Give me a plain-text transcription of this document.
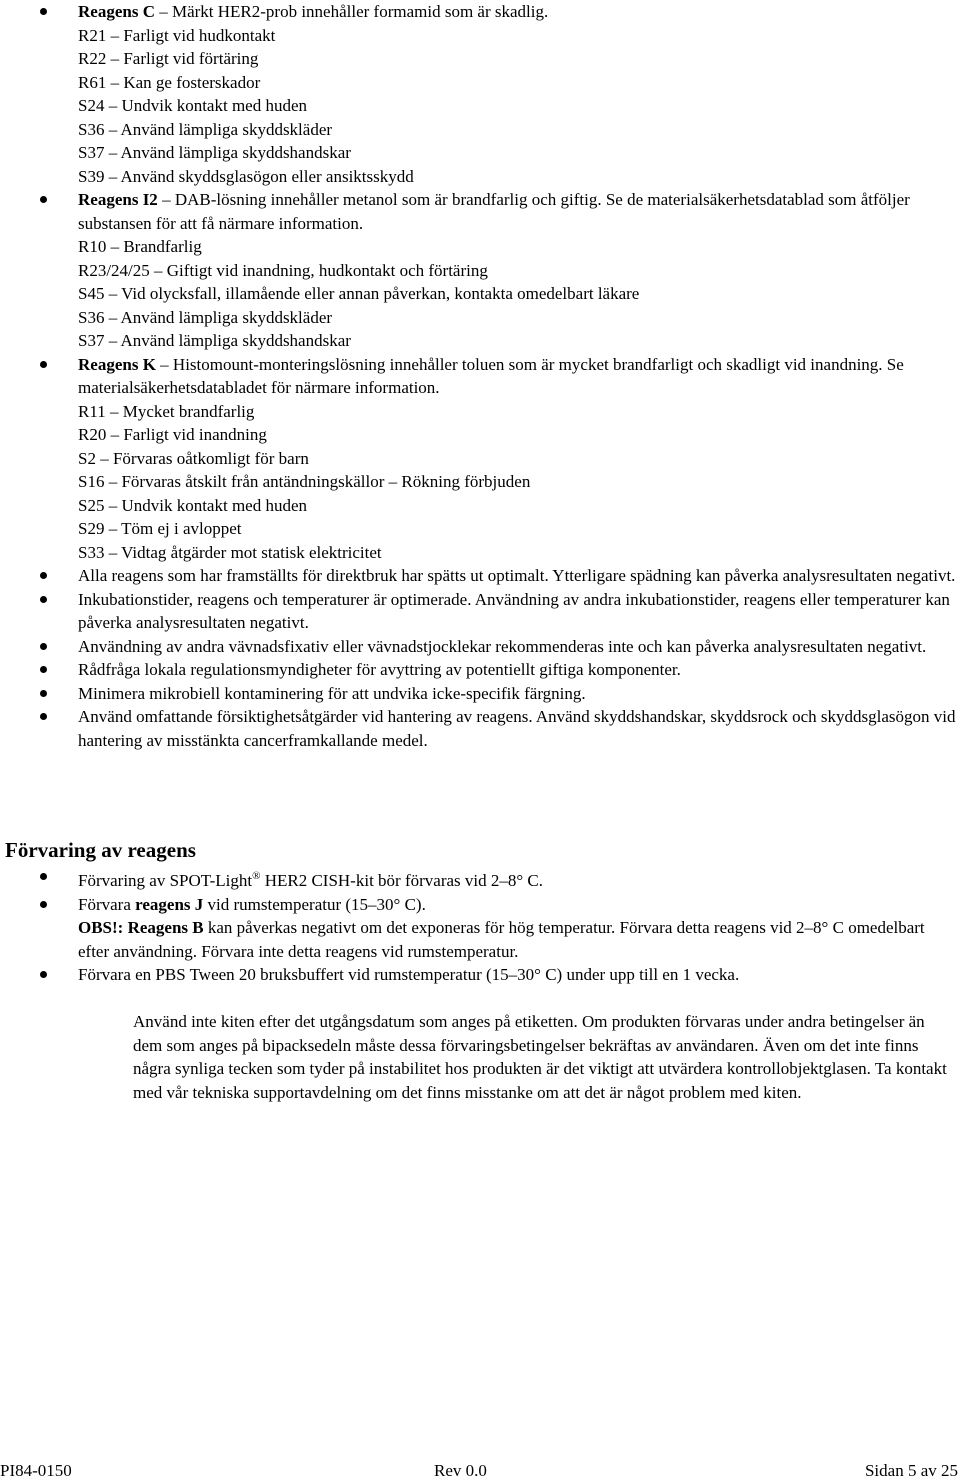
Reagens C – Märkt HER2-prob innehåller formamid som är skadlig.
R21 – Farligt vid hudkontakt
R22 – Farligt vid förtäring
R61 – Kan ge fosterskador
S24 – Undvik kontakt med huden
S36 – Använd lämpliga skyddskläder
S37 – Använd lämpliga skyddshandskar
S39 – Använd skyddsglasögon eller ansiktsskydd
Reagens I2 – DAB-lösning innehåller metanol som är brandfarlig och giftig. Se de materialsäkerhetsdatablad som åtföljer substansen för att få närmare information.
R10 – Brandfarlig
R23/24/25 – Giftigt vid inandning, hudkontakt och förtäring
S45 – Vid olycksfall, illamående eller annan påverkan, kontakta omedelbart läkare
S36 – Använd lämpliga skyddskläder
S37 – Använd lämpliga skyddshandskar
Reagens K – Histomount-monteringslösning innehåller toluen som är mycket brandfarligt och skadligt vid inandning. Se materialsäkerhetsdatabladet för närmare information.
R11 – Mycket brandfarlig
R20 – Farligt vid inandning
S2 – Förvaras oåtkomligt för barn
S16 – Förvaras åtskilt från antändningskällor – Rökning förbjuden
S25 – Undvik kontakt med huden
S29 – Töm ej i avloppet
S33 – Vidtag åtgärder mot statisk elektricitet
Alla reagens som har framställts för direktbruk har spätts ut optimalt. Ytterligare spädning kan påverka analysresultaten negativt.
Inkubationstider, reagens och temperaturer är optimerade. Användning av andra inkubationstider, reagens eller temperaturer kan påverka analysresultaten negativt.
Användning av andra vävnadsfixativ eller vävnadstjocklekar rekommenderas inte och kan påverka analysresultaten negativt.
Rådfråga lokala regulationsmyndigheter för avyttring av potentiellt giftiga komponenter.
Minimera mikrobiell kontaminering för att undvika icke-specifik färgning.
Använd omfattande försiktighetsåtgärder vid hantering av reagens. Använd skyddshandskar, skyddsrock och skyddsglasögon vid hantering av misstänkta cancerframkallande medel.
Förvaring av reagens
Förvaring av SPOT-Light® HER2 CISH-kit bör förvaras vid 2–8° C.
Förvara reagens J vid rumstemperatur (15–30° C).
OBS!: Reagens B kan påverkas negativt om det exponeras för hög temperatur. Förvara detta reagens vid 2–8° C omedelbart efter användning. Förvara inte detta reagens vid rumstemperatur.
Förvara en PBS Tween 20 bruksbuffert vid rumstemperatur (15–30° C) under upp till en 1 vecka.

Använd inte kiten efter det utgångsdatum som anges på etiketten. Om produkten förvaras under andra betingelser än dem som anges på bipacksedeln måste dessa förvaringsbetingelser bekräftas av användaren. Även om det inte finns några synliga tecken som tyder på instabilitet hos produkten är det viktigt att utvärdera kontrollobjektglasen. Ta kontakt med vår tekniska supportavdelning om det finns misstanke om att det är något problem med kiten.

PI84-0150	Rev 0.0	Sidan 5 av 25
